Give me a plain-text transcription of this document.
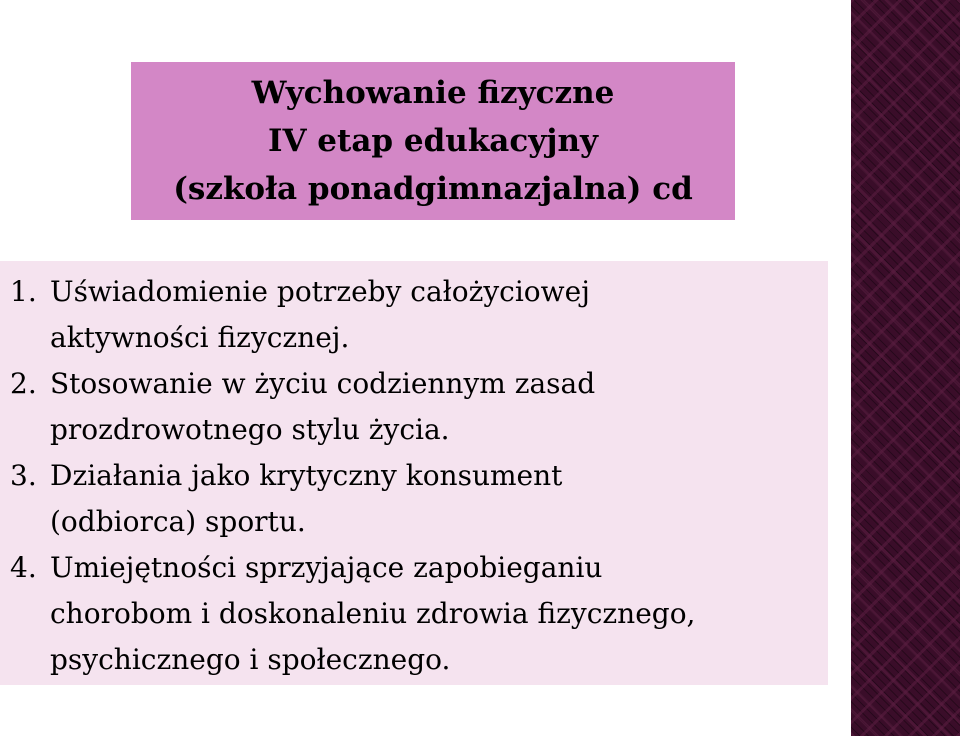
Wychowanie fizyczne
IV etap edukacyjny
(szkoła ponadgimnazjalna) cd
1. Uświadomienie potrzeby całożyciowej
aktywności fizycznej.
2. Stosowanie w życiu codziennym zasad
prozdrowotnego stylu życia.
3. Działania jako krytyczny konsument
(odbiorca) sportu.
4. Umiejętności sprzyjające zapobieganiu
chorobom i doskonaleniu zdrowia fizycznego,
psychicznego i społecznego.
